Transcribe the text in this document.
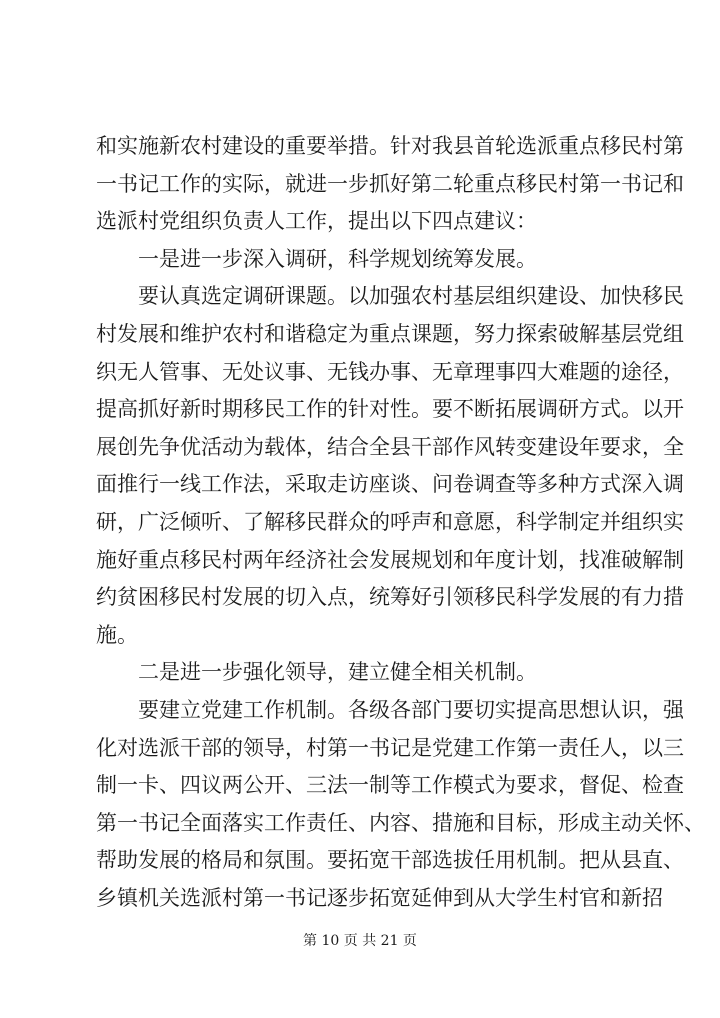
和实施新农村建设的重要举措。针对我县首轮选派重点移民村第
一书记工作的实际，就进一步抓好第二轮重点移民村第一书记和
选派村党组织负责人工作，提出以下四点建议：
一是进一步深入调研，科学规划统筹发展。
要认真选定调研课题。以加强农村基层组织建设、加快移民
村发展和维护农村和谐稳定为重点课题，努力探索破解基层党组
织无人管事、无处议事、无钱办事、无章理事四大难题的途径，
提高抓好新时期移民工作的针对性。要不断拓展调研方式。以开
展创先争优活动为载体，结合全县干部作风转变建设年要求，全
面推行一线工作法，采取走访座谈、问卷调查等多种方式深入调
研，广泛倾听、了解移民群众的呼声和意愿，科学制定并组织实
施好重点移民村两年经济社会发展规划和年度计划，找准破解制
约贫困移民村发展的切入点，统筹好引领移民科学发展的有力措
施。
二是进一步强化领导，建立健全相关机制。
要建立党建工作机制。各级各部门要切实提高思想认识，强
化对选派干部的领导，村第一书记是党建工作第一责任人，以三
制一卡、四议两公开、三法一制等工作模式为要求，督促、检查
第一书记全面落实工作责任、内容、措施和目标，形成主动关怀、
帮助发展的格局和氛围。要拓宽干部选拔任用机制。把从县直、
乡镇机关选派村第一书记逐步拓宽延伸到从大学生村官和新招
第 10 页 共 21 页
